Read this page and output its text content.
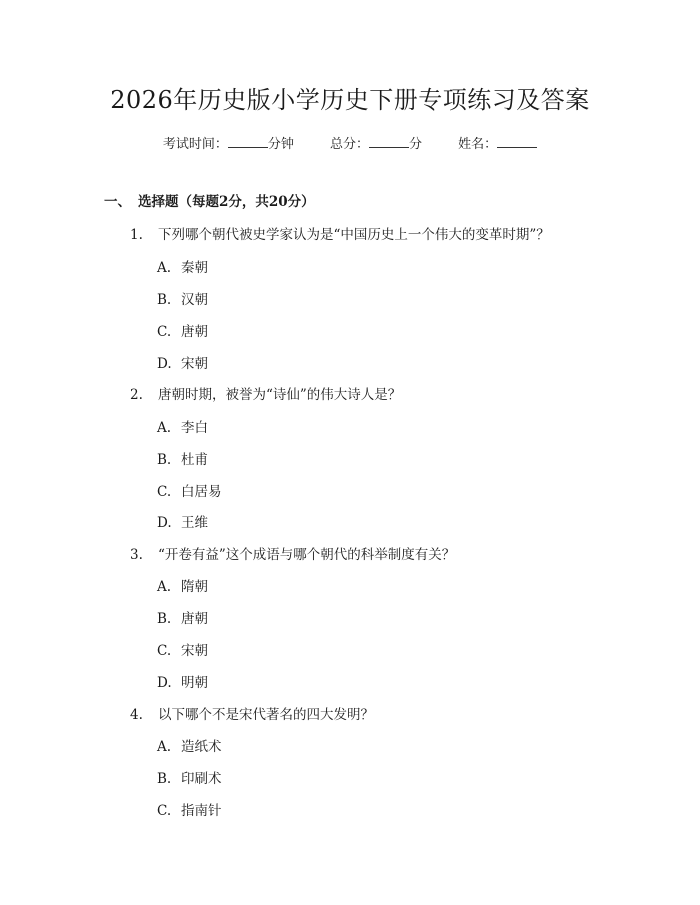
2026年历史版小学历史下册专项练习及答案
考试时间：	分钟	总分：	分	姓名：
一、 选择题（每题2分，共20分）
1. 下列哪个朝代被史学家认为是“中国历史上一个伟大的变革时期”？
A. 秦朝
B. 汉朝
C. 唐朝
D. 宋朝
2. 唐朝时期，被誉为“诗仙”的伟大诗人是？
A. 李白
B. 杜甫
C. 白居易
D. 王维
3. “开卷有益”这个成语与哪个朝代的科举制度有关？
A. 隋朝
B. 唐朝
C. 宋朝
D. 明朝
4. 以下哪个不是宋代著名的四大发明？
A. 造纸术
B. 印刷术
C. 指南针
